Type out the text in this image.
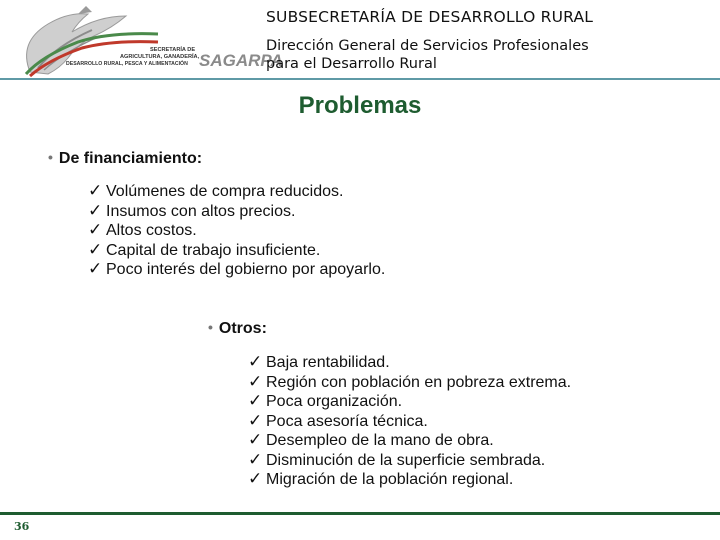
SECRETARÍA DE
AGRICULTURA, GANADERÍA,
DESARROLLO RURAL, PESCA Y ALIMENTACIÓN SAGARPA
SUBSECRETARÍA DE DESARROLLO RURAL
Dirección General de Servicios Profesionales
para el Desarrollo Rural
Problemas
• De financiamiento:
✓ Volúmenes de compra reducidos.
✓ Insumos con altos precios.
✓ Altos costos.
✓ Capital de trabajo insuficiente.
✓ Poco interés del gobierno por apoyarlo.
• Otros:
✓ Baja rentabilidad.
✓ Región con población en pobreza extrema.
✓ Poca organización.
✓ Poca asesoría técnica.
✓ Desempleo de la mano de obra.
✓ Disminución de la superficie sembrada.
✓ Migración de la población regional.
36
